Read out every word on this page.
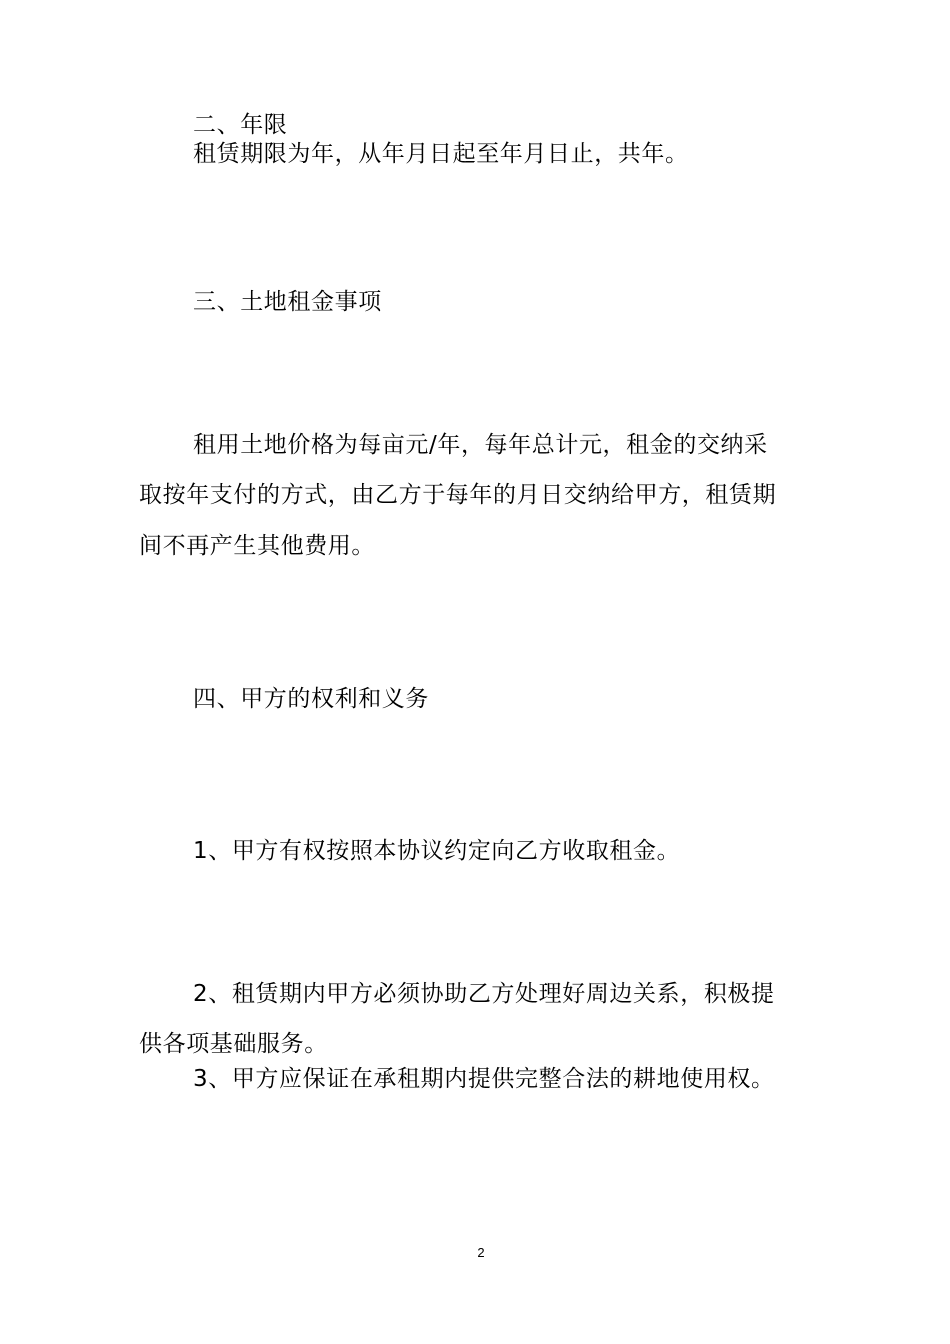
二、年限
租赁期限为年，从年月日起至年月日止，共年。
三、土地租金事项
租用土地价格为每亩元/年，每年总计元，租金的交纳采
取按年支付的方式，由乙方于每年的月日交纳给甲方，租赁期
间不再产生其他费用。
四、甲方的权利和义务
1、甲方有权按照本协议约定向乙方收取租金。
2、租赁期内甲方必须协助乙方处理好周边关系，积极提
供各项基础服务。
3、甲方应保证在承租期内提供完整合法的耕地使用权。
2
